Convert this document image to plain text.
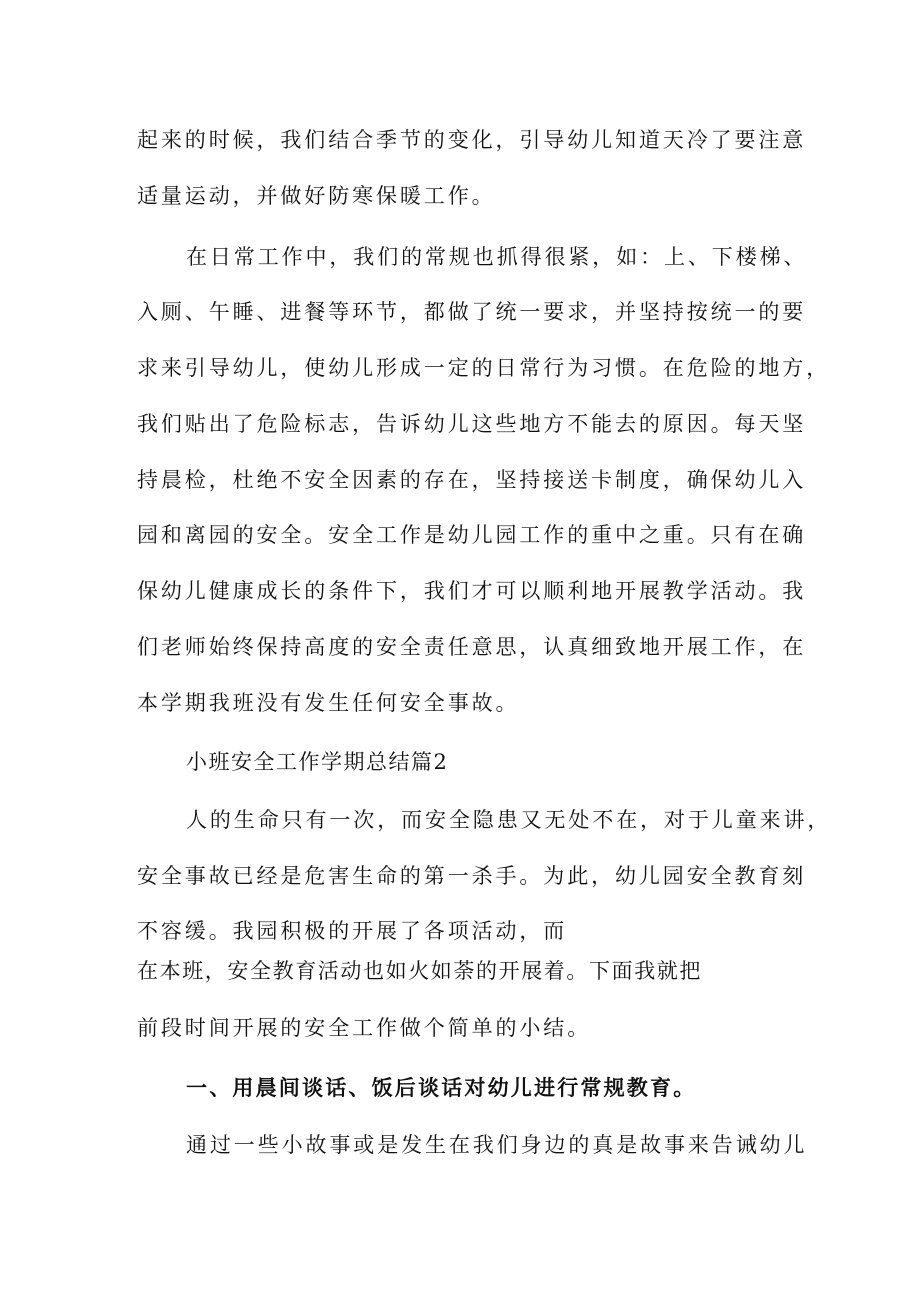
起来的时候，我们结合季节的变化，引导幼儿知道天冷了要注意
适量运动，并做好防寒保暖工作。
在日常工作中，我们的常规也抓得很紧，如：上、下楼梯、
入厕、午睡、进餐等环节，都做了统一要求，并坚持按统一的要
求来引导幼儿，使幼儿形成一定的日常行为习惯。在危险的地方，
我们贴出了危险标志，告诉幼儿这些地方不能去的原因。每天坚
持晨检，杜绝不安全因素的存在，坚持接送卡制度，确保幼儿入
园和离园的安全。安全工作是幼儿园工作的重中之重。只有在确
保幼儿健康成长的条件下，我们才可以顺利地开展教学活动。我
们老师始终保持高度的安全责任意思，认真细致地开展工作，在
本学期我班没有发生任何安全事故。
小班安全工作学期总结篇2
人的生命只有一次，而安全隐患又无处不在，对于儿童来讲，
安全事故已经是危害生命的第一杀手。为此，幼儿园安全教育刻
不容缓。我园积极的开展了各项活动，而
在本班，安全教育活动也如火如荼的开展着。下面我就把
前段时间开展的安全工作做个简单的小结。
一、用晨间谈话、饭后谈话对幼儿进行常规教育。
通过一些小故事或是发生在我们身边的真是故事来告诫幼儿
